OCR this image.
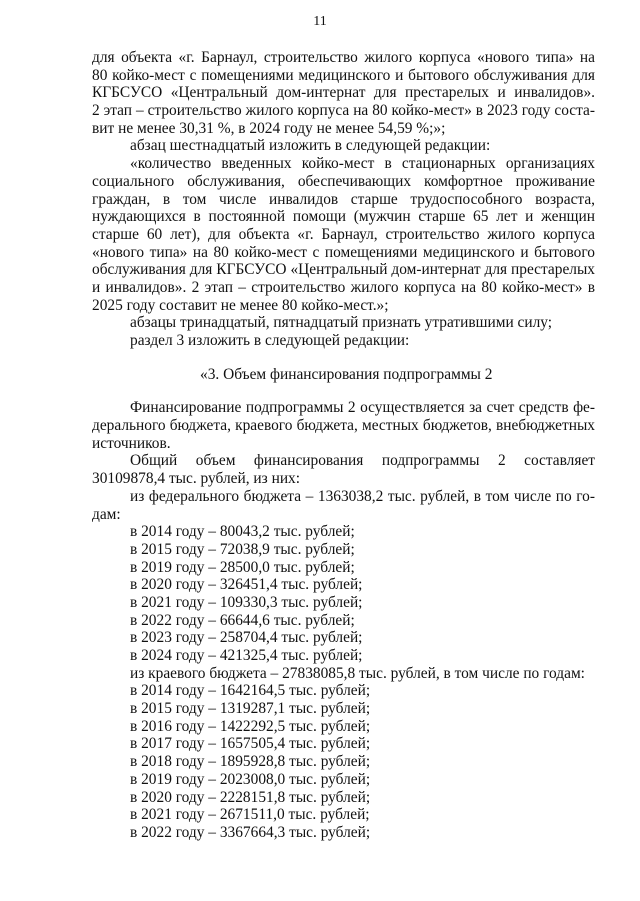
11
для объекта «г. Барнаул, строительство жилого корпуса «нового типа» на
80 койко-мест с помещениями медицинского и бытового обслуживания для
КГБСУСО «Центральный дом-интернат для престарелых и инвалидов».
2 этап – строительство жилого корпуса на 80 койко-мест» в 2023 году соста-
вит не менее 30,31 %, в 2024 году не менее 54,59 %;»;
абзац шестнадцатый изложить в следующей редакции:
«количество введенных койко-мест в стационарных организациях
социального обслуживания, обеспечивающих комфортное проживание
граждан, в том числе инвалидов старше трудоспособного возраста,
нуждающихся в постоянной помощи (мужчин старше 65 лет и женщин
старше 60 лет), для объекта «г. Барнаул, строительство жилого корпуса
«нового типа» на 80 койко-мест с помещениями медицинского и бытового
обслуживания для КГБСУСО «Центральный дом-интернат для престарелых
и инвалидов». 2 этап – строительство жилого корпуса на 80 койко-мест» в
2025 году составит не менее 80 койко-мест.»;
абзацы тринадцатый, пятнадцатый признать утратившими силу;
раздел 3 изложить в следующей редакции:
«3. Объем финансирования подпрограммы 2
Финансирование подпрограммы 2 осуществляется за счет средств фе-
дерального бюджета, краевого бюджета, местных бюджетов, внебюджетных
источников.
Общий объем финансирования подпрограммы 2 составляет
30109878,4 тыс. рублей, из них:
из федерального бюджета – 1363038,2 тыс. рублей, в том числе по го-
дам:
в 2014 году – 80043,2 тыс. рублей;
в 2015 году – 72038,9 тыс. рублей;
в 2019 году – 28500,0 тыс. рублей;
в 2020 году – 326451,4 тыс. рублей;
в 2021 году – 109330,3 тыс. рублей;
в 2022 году – 66644,6 тыс. рублей;
в 2023 году – 258704,4 тыс. рублей;
в 2024 году – 421325,4 тыс. рублей;
из краевого бюджета – 27838085,8 тыс. рублей, в том числе по годам:
в 2014 году – 1642164,5 тыс. рублей;
в 2015 году – 1319287,1 тыс. рублей;
в 2016 году – 1422292,5 тыс. рублей;
в 2017 году – 1657505,4 тыс. рублей;
в 2018 году – 1895928,8 тыс. рублей;
в 2019 году – 2023008,0 тыс. рублей;
в 2020 году – 2228151,8 тыс. рублей;
в 2021 году – 2671511,0 тыс. рублей;
в 2022 году – 3367664,3 тыс. рублей;
